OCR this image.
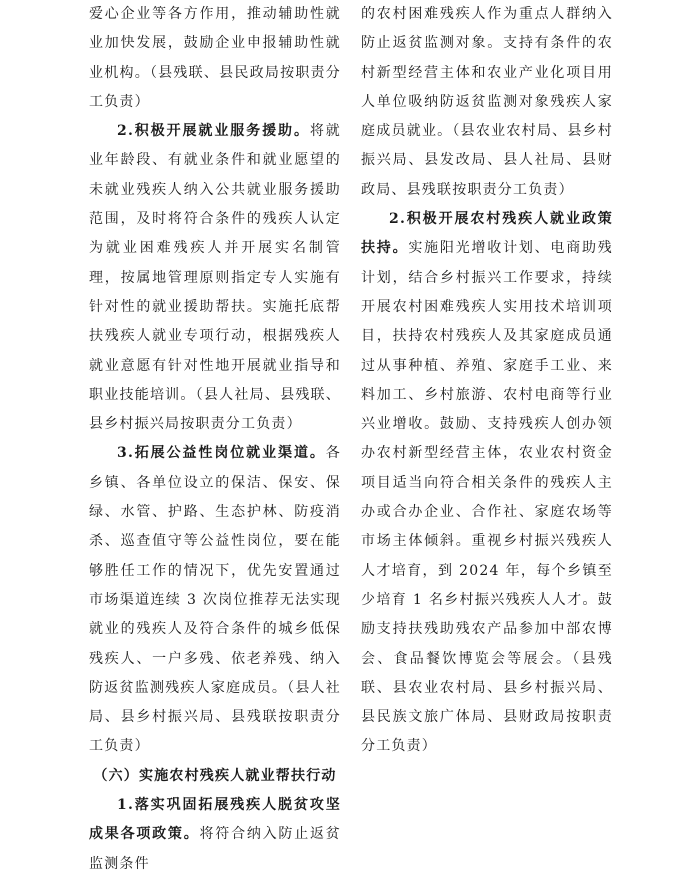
爱心企业等各方作用，推动辅助性就业加快发展，鼓励企业申报辅助性就业机构。（县残联、县民政局按职责分工负责）

2.积极开展就业服务援助。将就业年龄段、有就业条件和就业愿望的未就业残疾人纳入公共就业服务援助范围，及时将符合条件的残疾人认定为就业困难残疾人并开展实名制管理，按属地管理原则指定专人实施有针对性的就业援助帮扶。实施托底帮扶残疾人就业专项行动，根据残疾人就业意愿有针对性地开展就业指导和职业技能培训。（县人社局、县残联、县乡村振兴局按职责分工负责）

3.拓展公益性岗位就业渠道。各乡镇、各单位设立的保洁、保安、保绿、水管、护路、生态护林、防疫消杀、巡查值守等公益性岗位，要在能够胜任工作的情况下，优先安置通过市场渠道连续 3 次岗位推荐无法实现就业的残疾人及符合条件的城乡低保残疾人、一户多残、依老养残、纳入防返贫监测残疾人家庭成员。（县人社局、县乡村振兴局、县残联按职责分工负责）

（六）实施农村残疾人就业帮扶行动

1.落实巩固拓展残疾人脱贫攻坚成果各项政策。将符合纳入防止返贫监测条件

的农村困难残疾人作为重点人群纳入防止返贫监测对象。支持有条件的农村新型经营主体和农业产业化项目用人单位吸纳防返贫监测对象残疾人家庭成员就业。（县农业农村局、县乡村振兴局、县发改局、县人社局、县财政局、县残联按职责分工负责）

2.积极开展农村残疾人就业政策扶持。实施阳光增收计划、电商助残计划，结合乡村振兴工作要求，持续开展农村困难残疾人实用技术培训项目，扶持农村残疾人及其家庭成员通过从事种植、养殖、家庭手工业、来料加工、乡村旅游、农村电商等行业兴业增收。鼓励、支持残疾人创办领办农村新型经营主体，农业农村资金项目适当向符合相关条件的残疾人主办或合办企业、合作社、家庭农场等市场主体倾斜。重视乡村振兴残疾人人才培育，到 2024 年，每个乡镇至少培育 1 名乡村振兴残疾人人才。鼓励支持扶残助残农产品参加中部农博会、食品餐饮博览会等展会。（县残联、县农业农村局、县乡村振兴局、县民族文旅广体局、县财政局按职责分工负责）
